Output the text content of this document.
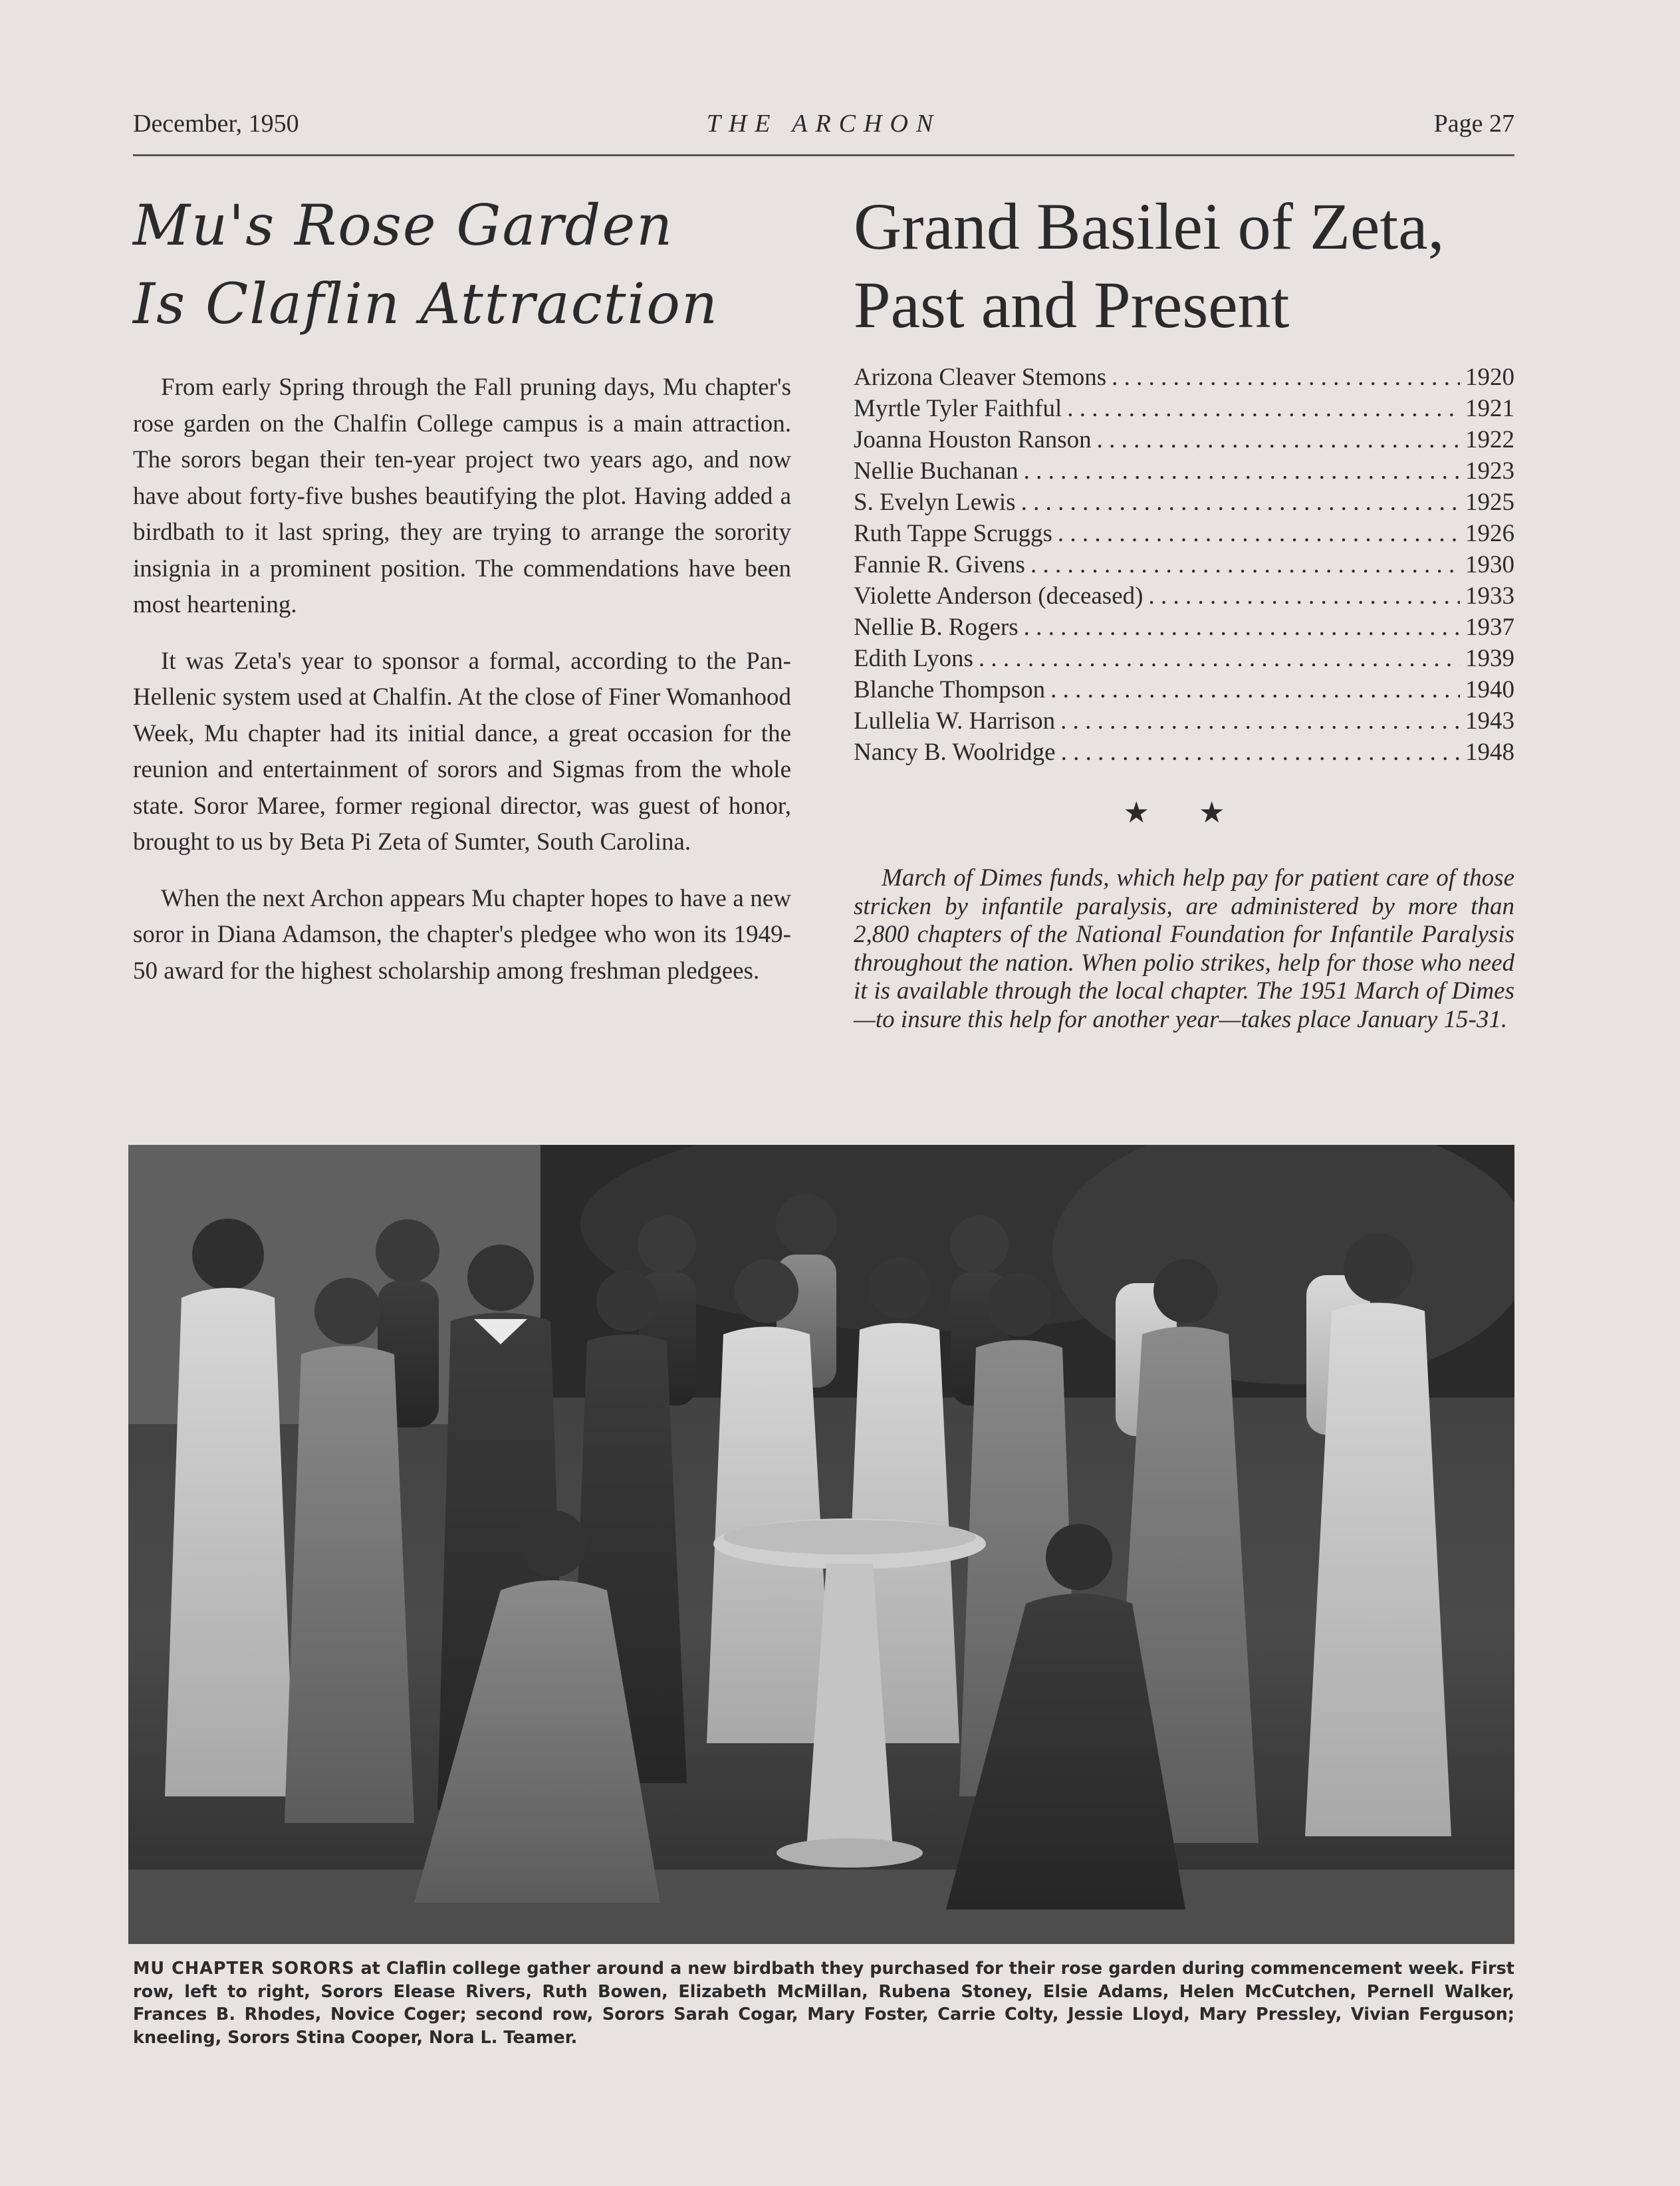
December, 1950	THE ARCHON	Page 27
Mu's Rose Garden
Is Claflin Attraction

From early Spring through the Fall pruning days, Mu chapter's rose garden on the Chalfin College campus is a main attraction. The sorors began their ten-year project two years ago, and now have about forty-five bushes beautifying the plot. Having added a birdbath to it last spring, they are trying to arrange the sorority insignia in a prominent position. The commendations have been most heartening.

It was Zeta's year to sponsor a formal, according to the Pan-Hellenic system used at Chalfin. At the close of Finer Womanhood Week, Mu chapter had its initial dance, a great occasion for the reunion and entertainment of sorors and Sigmas from the whole state. Soror Maree, former regional director, was guest of honor, brought to us by Beta Pi Zeta of Sumter, South Carolina.

When the next Archon appears Mu chapter hopes to have a new soror in Diana Adamson, the chapter's pledgee who won its 1949-50 award for the highest scholarship among freshman pledgees.

Grand Basilei of Zeta,
Past and Present
Arizona Cleaver Stemons . . .	1920
Myrtle Tyler Faithful . . .	1921
Joanna Houston Ranson . . .	1922
Nellie Buchanan . . .	1923
S. Evelyn Lewis . . .	1925
Ruth Tappe Scruggs . . .	1926
Fannie R. Givens . . .	1930
Violette Anderson (deceased) . . .	1933
Nellie B. Rogers . . .	1937
Edith Lyons . . .	1939
Blanche Thompson . . .	1940
Lullelia W. Harrison . . .	1943
Nancy B. Woolridge . . .	1948
★ ★

March of Dimes funds, which help pay for patient care of those stricken by infantile paralysis, are administered by more than 2,800 chapters of the National Foundation for Infantile Paralysis throughout the nation. When polio strikes, help for those who need it is available through the local chapter. The 1951 March of Dimes—to insure this help for another year—takes place January 15-31.

MU CHAPTER SORORS at Claflin college gather around a new birdbath they purchased for their rose garden during commencement week. First row, left to right, Sorors Elease Rivers, Ruth Bowen, Elizabeth McMillan, Rubena Stoney, Elsie Adams, Helen McCutchen, Pernell Walker, Frances B. Rhodes, Novice Coger; second row, Sorors Sarah Cogar, Mary Foster, Carrie Colty, Jessie Lloyd, Mary Pressley, Vivian Ferguson; kneeling, Sorors Stina Cooper, Nora L. Teamer.
